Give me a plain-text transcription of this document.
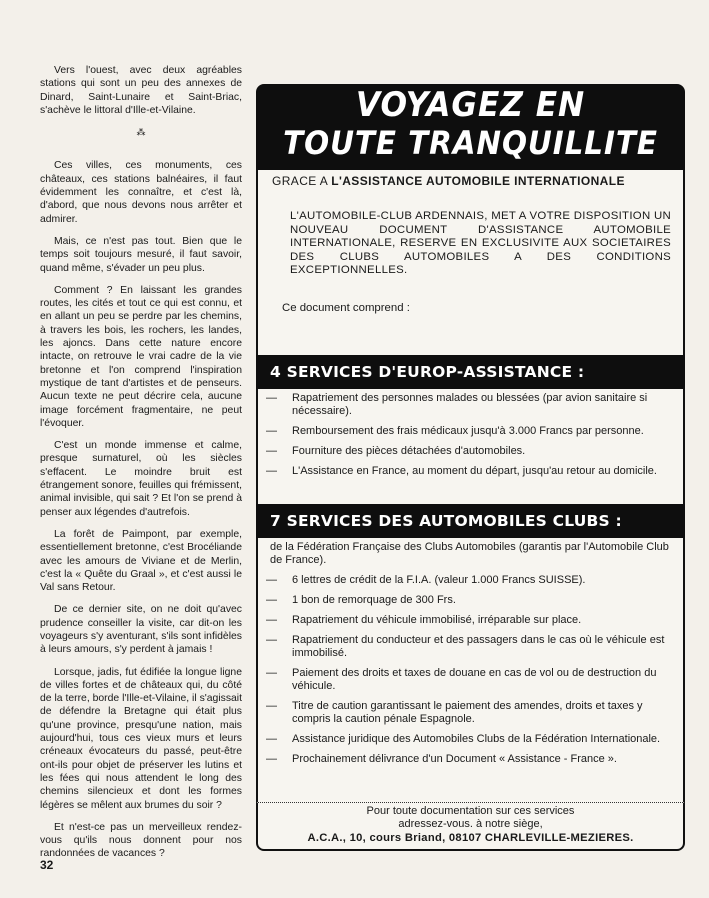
Vers l'ouest, avec deux agréables stations qui sont un peu des annexes de Dinard, Saint-Lunaire et Saint-Briac, s'achève le littoral d'Ille-et-Vilaine.

⁂

Ces villes, ces monuments, ces châteaux, ces stations balnéaires, il faut évidemment les connaître, et c'est là, d'abord, que nous devons nous arrêter et admirer.

Mais, ce n'est pas tout. Bien que le temps soit toujours mesuré, il faut savoir, quand même, s'évader un peu plus.

Comment ? En laissant les grandes routes, les cités et tout ce qui est connu, et en allant un peu se perdre par les chemins, à travers les bois, les rochers, les landes, les ajoncs. Dans cette nature encore intacte, on retrouve le vrai cadre de la vie bretonne et l'on comprend l'inspiration mystique de tant d'artistes et de penseurs. Aucun texte ne peut décrire cela, aucune image forcément fragmentaire, ne peut l'évoquer.

C'est un monde immense et calme, presque surnaturel, où les siècles s'effacent. Le moindre bruit est étrangement sonore, feuilles qui frémissent, animal invisible, qui sait ? Et l'on se prend à penser aux légendes d'autrefois.

La forêt de Paimpont, par exemple, essentiellement bretonne, c'est Brocéliande avec les amours de Viviane et de Merlin, c'est la « Quête du Graal », et c'est aussi le Val sans Retour.

De ce dernier site, on ne doit qu'avec prudence conseiller la visite, car dit-on les voyageurs s'y aventurant, s'ils sont infidèles à leurs amours, s'y perdent à jamais !

Lorsque, jadis, fut édifiée la longue ligne de villes fortes et de châteaux qui, du côté de la terre, borde l'Ille-et-Vilaine, il s'agissait de défendre la Bretagne qui était plus qu'une province, presqu'une nation, mais aujourd'hui, tous ces vieux murs et leurs créneaux évocateurs du passé, peut-être ont-ils pour objet de préserver les lutins et les fées qui nous attendent le long des chemins silencieux et dont les formes légères se mêlent aux brumes du soir ?

Et n'est-ce pas un merveilleux rendez-vous qu'ils nous donnent pour nos randonnées de vacances ?

32
VOYAGEZ EN
TOUTE TRANQUILLITE
GRACE A L'ASSISTANCE AUTOMOBILE INTERNATIONALE
L'AUTOMOBILE-CLUB ARDENNAIS, MET A VOTRE DISPOSITION UN NOUVEAU DOCUMENT D'ASSISTANCE AUTOMOBILE INTERNATIONALE, RESERVE EN EXCLUSIVITE AUX SOCIETAIRES DES CLUBS AUTOMOBILES A DES CONDITIONS EXCEPTIONNELLES.
Ce document comprend :
4 SERVICES D'EUROP-ASSISTANCE :
— Rapatriement des personnes malades ou blessées (par avion sanitaire si nécessaire).
— Remboursement des frais médicaux jusqu'à 3.000 Francs par personne.
— Fourniture des pièces détachées d'automobiles.
— L'Assistance en France, au moment du départ, jusqu'au retour au domicile.
7 SERVICES DES AUTOMOBILES CLUBS :
de la Fédération Française des Clubs Automobiles (garantis par l'Automobile Club de France).
— 6 lettres de crédit de la F.I.A. (valeur 1.000 Francs SUISSE).
— 1 bon de remorquage de 300 Frs.
— Rapatriement du véhicule immobilisé, irréparable sur place.
— Rapatriement du conducteur et des passagers dans le cas où le véhicule est immobilisé.
— Paiement des droits et taxes de douane en cas de vol ou de destruction du véhicule.
— Titre de caution garantissant le paiement des amendes, droits et taxes y compris la caution pénale Espagnole.
— Assistance juridique des Automobiles Clubs de la Fédération Internationale.
— Prochainement délivrance d'un Document « Assistance - France ».
Pour toute documentation sur ces services
adressez-vous. à notre siège,
A.C.A., 10, cours Briand, 08107 CHARLEVILLE-MEZIERES.
